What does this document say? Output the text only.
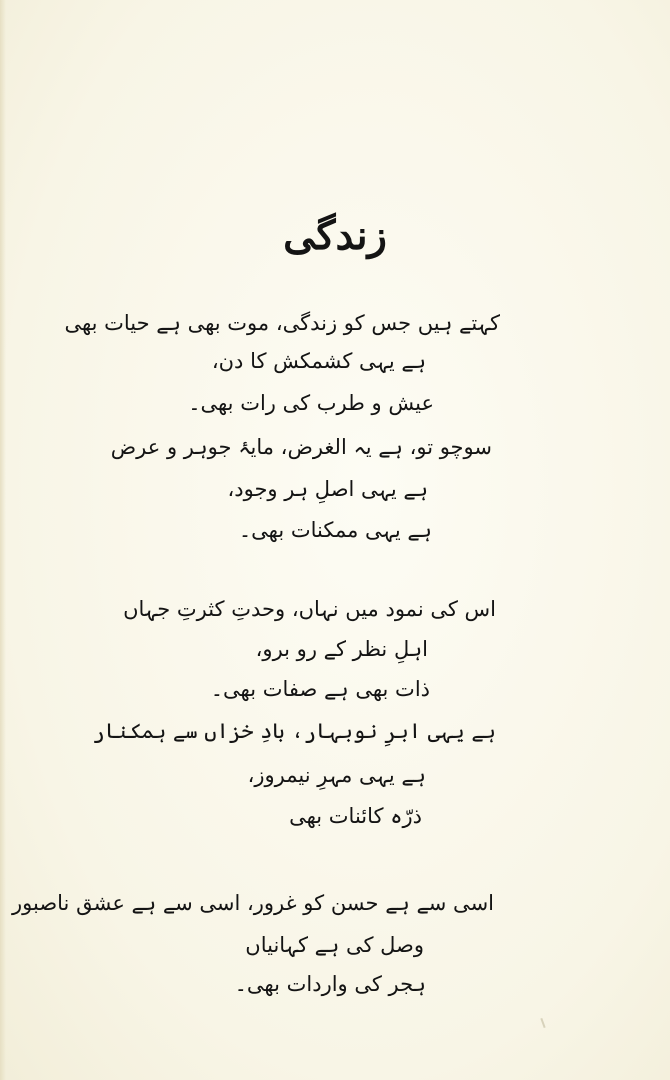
زندگی
کہتے ہیں جس کو زندگی، موت بھی ہے حیات بھی
ہے یہی کشمکش کا دن،
عیش و طرب کی رات بھی۔
سوچو تو، ہے یہ الغرض، مایۂ جوہر و عرض
ہے یہی اصلِ ہر وجود،
ہے یہی ممکنات بھی۔
اس کی نمود میں نہاں، وحدتِ کثرتِ جہاں
اہلِ نظر کے رو برو،
ذات بھی ہے صفات بھی۔
ہے یہی ابرِ نوبہار، بادِ خزاں سے ہمکنار
ہے یہی مہرِ نیمروز،
ذرّہ کائنات بھی
اسی سے ہے حسن کو غرور، اسی سے ہے عشق ناصبور
وصل کی ہے کہانیاں
ہجر کی واردات بھی۔
